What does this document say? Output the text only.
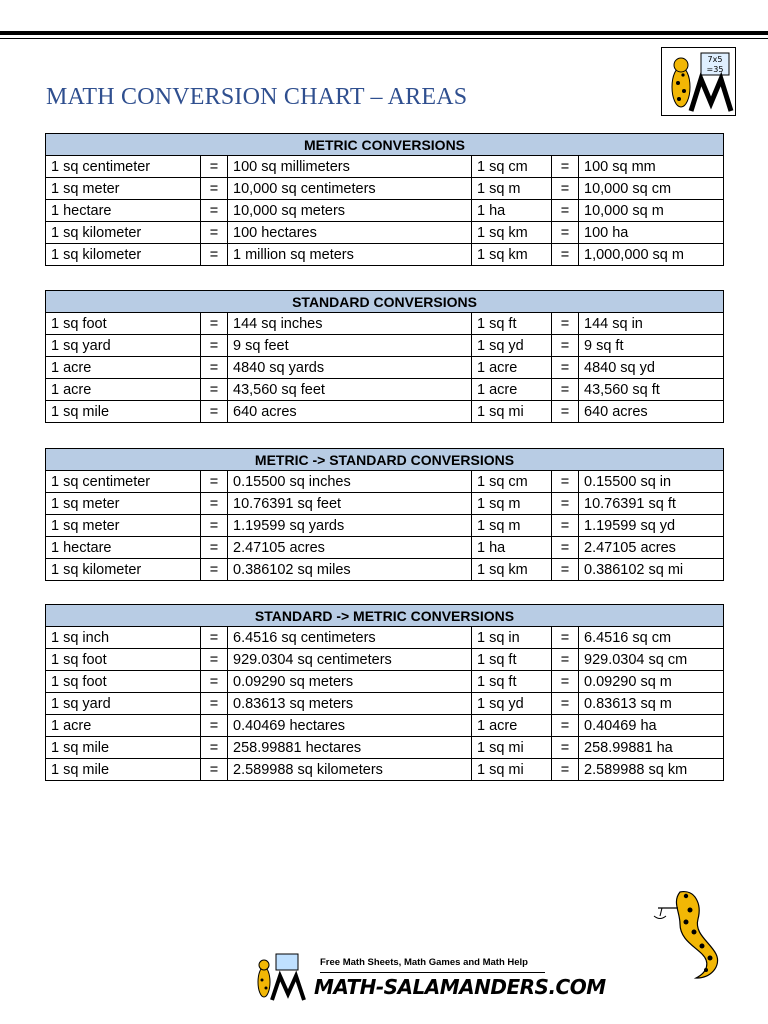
MATH CONVERSION CHART – AREAS
7x5
=35
METRIC CONVERSIONS					
1 sq centimeter	=	100 sq millimeters	1 sq cm	=	100 sq mm
1 sq meter	=	10,000 sq centimeters	1 sq m	=	10,000 sq cm
1 hectare	=	10,000 sq meters	1 ha	=	10,000 sq m
1 sq kilometer	=	100 hectares	1 sq km	=	100 ha
1 sq kilometer	=	1 million sq meters	1 sq km	=	1,000,000 sq m
STANDARD CONVERSIONS					
1 sq foot	=	144 sq inches	1 sq ft	=	144 sq in
1 sq yard	=	9 sq feet	1 sq yd	=	9 sq ft
1 acre	=	4840 sq yards	1 acre	=	4840 sq yd
1 acre	=	43,560 sq feet	1 acre	=	43,560 sq ft
1 sq mile	=	640 acres	1 sq mi	=	640 acres
METRIC -> STANDARD CONVERSIONS					
1 sq centimeter	=	0.15500 sq inches	1 sq cm	=	0.15500 sq in
1 sq meter	=	10.76391 sq feet	1 sq m	=	10.76391 sq ft
1 sq meter	=	1.19599 sq yards	1 sq m	=	1.19599 sq yd
1 hectare	=	2.47105 acres	1 ha	=	2.47105 acres
1 sq kilometer	=	0.386102 sq miles	1 sq km	=	0.386102 sq mi
STANDARD -> METRIC CONVERSIONS					
1 sq inch	=	6.4516 sq centimeters	1 sq in	=	6.4516 sq cm
1 sq foot	=	929.0304 sq centimeters	1 sq ft	=	929.0304 sq cm
1 sq foot	=	0.09290 sq meters	1 sq ft	=	0.09290 sq m
1 sq yard	=	0.83613 sq meters	1 sq yd	=	0.83613 sq m
1 acre	=	0.40469 hectares	1 acre	=	0.40469 ha
1 sq mile	=	258.99881 hectares	1 sq mi	=	258.99881 ha
1 sq mile	=	2.589988 sq kilometers	1 sq mi	=	2.589988 sq km
Free Math Sheets, Math Games and Math Help
MATH-SALAMANDERS.COM
